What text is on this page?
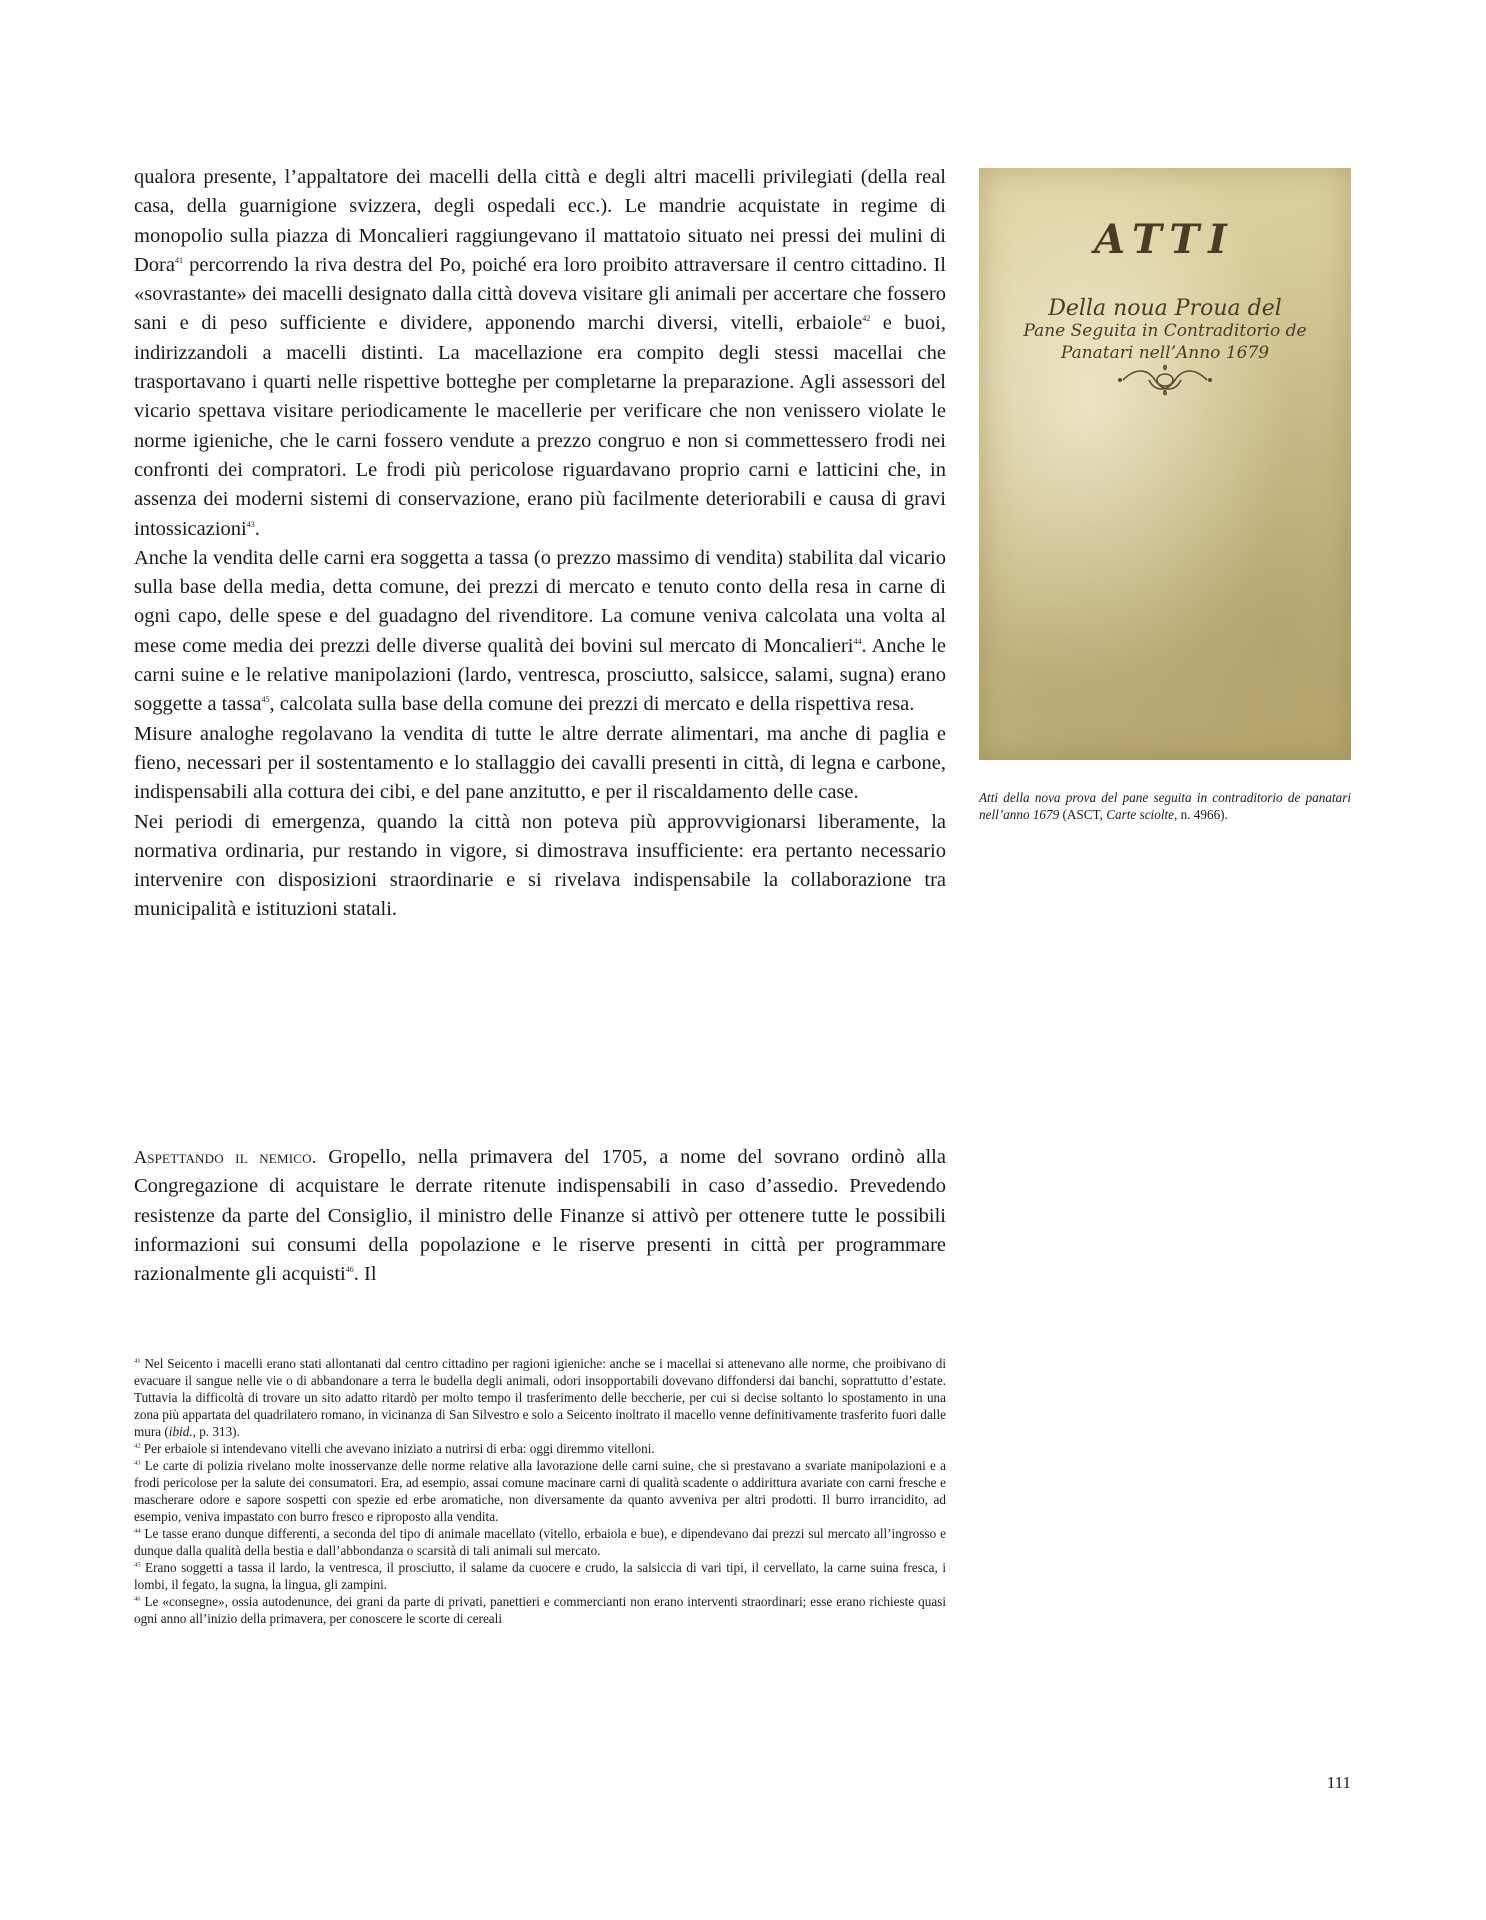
qualora presente, l’appaltatore dei macelli della città e degli altri macelli privilegiati (della real casa, della guarnigione svizzera, degli ospedali ecc.). Le mandrie acquistate in regime di monopolio sulla piazza di Moncalieri raggiungevano il mattatoio situato nei pressi dei mulini di Dora$^{41}$ percorrendo la riva destra del Po, poiché era loro proibito attraversare il centro cittadino. Il «sovrastante» dei macelli designato dalla città doveva visitare gli animali per accertare che fossero sani e di peso sufficiente e dividere, apponendo marchi diversi, vitelli, erbaiole$^{42}$ e buoi, indirizzandoli a macelli distinti. La macellazione era compito degli stessi macellai che trasportavano i quarti nelle rispettive botteghe per completarne la preparazione. Agli assessori del vicario spettava visitare periodicamente le macellerie per verificare che non venissero violate le norme igieniche, che le carni fossero vendute a prezzo congruo e non si commettessero frodi nei confronti dei compratori. Le frodi più pericolose riguardavano proprio carni e latticini che, in assenza dei moderni sistemi di conservazione, erano più facilmente deteriorabili e causa di gravi intossicazioni$^{43}$.

Anche la vendita delle carni era soggetta a tassa (o prezzo massimo di vendita) stabilita dal vicario sulla base della media, detta comune, dei prezzi di mercato e tenuto conto della resa in carne di ogni capo, delle spese e del guadagno del rivenditore. La comune veniva calcolata una volta al mese come media dei prezzi delle diverse qualità dei bovini sul mercato di Moncalieri$^{44}$. Anche le carni suine e le relative manipolazioni (lardo, ventresca, prosciutto, salsicce, salami, sugna) erano soggette a tassa$^{45}$, calcolata sulla base della comune dei prezzi di mercato e della rispettiva resa.

Misure analoghe regolavano la vendita di tutte le altre derrate alimentari, ma anche di paglia e fieno, necessari per il sostentamento e lo stallaggio dei cavalli presenti in città, di legna e carbone, indispensabili alla cottura dei cibi, e del pane anzitutto, e per il riscaldamento delle case.

Nei periodi di emergenza, quando la città non poteva più approvvigionarsi liberamente, la normativa ordinaria, pur restando in vigore, si dimostrava insufficiente: era pertanto necessario intervenire con disposizioni straordinarie e si rivelava indispensabile la collaborazione tra municipalità e istituzioni statali.

ATTI
Della noua Proua del
Pane Seguita in Contraditorio de
Panatari nell’Anno 1679

Atti della nova prova del pane seguita in contraditorio de panatari nell’anno 1679 (ASCT, Carte sciolte, n. 4966).

Aspettando il nemico. Gropello, nella primavera del 1705, a nome del sovrano ordinò alla Congregazione di acquistare le derrate ritenute indispensabili in caso d’assedio. Prevedendo resistenze da parte del Consiglio, il ministro delle Finanze si attivò per ottenere tutte le possibili informazioni sui consumi della popolazione e le riserve presenti in città per programmare razionalmente gli acquisti$^{46}$. Il

$^{41}$ Nel Seicento i macelli erano stati allontanati dal centro cittadino per ragioni igieniche: anche se i macellai si attenevano alle norme, che proibivano di evacuare il sangue nelle vie o di abbandonare a terra le budella degli animali, odori insopportabili dovevano diffondersi dai banchi, soprattutto d’estate. Tuttavia la difficoltà di trovare un sito adatto ritardò per molto tempo il trasferimento delle beccherie, per cui si decise soltanto lo spostamento in una zona più appartata del quadrilatero romano, in vicinanza di San Silvestro e solo a Seicento inoltrato il macello venne definitivamente trasferito fuori dalle mura (ibid., p. 313).

$^{42}$ Per erbaiole si intendevano vitelli che avevano iniziato a nutrirsi di erba: oggi diremmo vitelloni.

$^{43}$ Le carte di polizia rivelano molte inosservanze delle norme relative alla lavorazione delle carni suine, che si prestavano a svariate manipolazioni e a frodi pericolose per la salute dei consumatori. Era, ad esempio, assai comune macinare carni di qualità scadente o addirittura avariate con carni fresche e mascherare odore e sapore sospetti con spezie ed erbe aromatiche, non diversamente da quanto avveniva per altri prodotti. Il burro irrancidito, ad esempio, veniva impastato con burro fresco e riproposto alla vendita.

$^{44}$ Le tasse erano dunque differenti, a seconda del tipo di animale macellato (vitello, erbaiola e bue), e dipendevano dai prezzi sul mercato all’ingrosso e dunque dalla qualità della bestia e dall’abbondanza o scarsità di tali animali sul mercato.

$^{45}$ Erano soggetti a tassa il lardo, la ventresca, il prosciutto, il salame da cuocere e crudo, la salsiccia di vari tipi, il cervellato, la carne suina fresca, i lombi, il fegato, la sugna, la lingua, gli zampini.

$^{46}$ Le «consegne», ossia autodenunce, dei grani da parte di privati, panettieri e commercianti non erano interventi straordinari; esse erano richieste quasi ogni anno all’inizio della primavera, per conoscere le scorte di cereali

111
